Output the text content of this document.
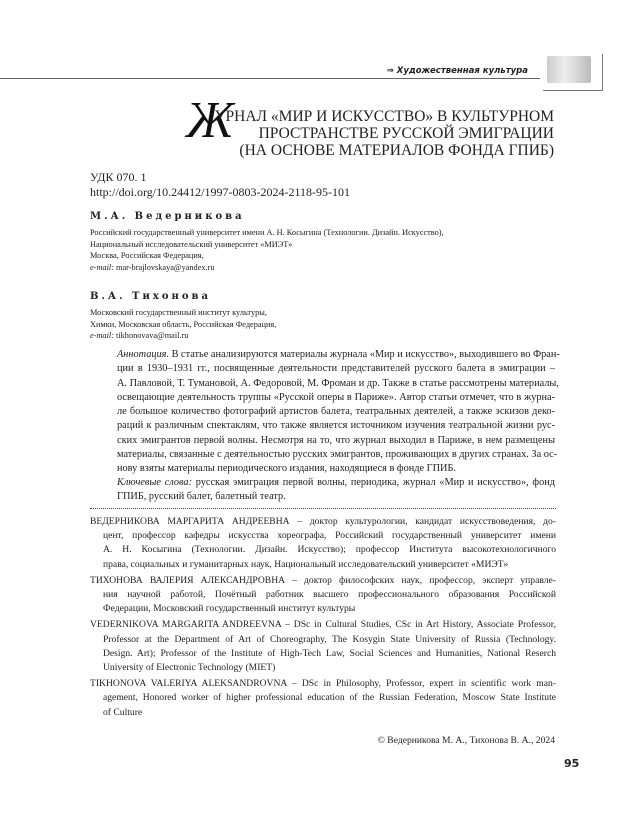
⇒ Художественная культура
Ж
УРНАЛ «МИР И ИСКУССТВО» В КУЛЬТУРНОМ
ПРОСТРАНСТВЕ РУССКОЙ ЭМИГРАЦИИ
(НА ОСНОВЕ МАТЕРИАЛОВ ФОНДА ГПИБ)
УДК 070. 1
http://doi.org/10.24412/1997-0803-2024-2118-95-101
М.А. Ведерникова
Российский государственный университет имени А. Н. Косыгина (Технологии. Дизайн. Искусство),
Национальный исследовательский университет «МИЭТ»
Москва, Российская Федерация,
e-mail: mar-brajlovskaya@yandex.ru
В.А. Тихонова
Московский государственный институт культуры,
Химки, Московская область, Российская Федерация,
e-mail: tikhonovava@mail.ru
Аннотация. В статье анализируются материалы журнала «Мир и искусство», выходившего во Фран-
ции в 1930–1931 гг., посвященные деятельности представителей русского балета в эмиграции –
А. Павловой, Т. Тумановой, А. Федоровой, М. Фроман и др. Также в статье рассмотрены материалы,
освещающие деятельность труппы «Русской оперы в Париже». Автор статьи отмечет, что в журна-
ле большое количество фотографий артистов балета, театральных деятелей, а также эскизов деко-
раций к различным спектаклям, что также является источником изучения театральной жизни рус-
ских эмигрантов первой волны. Несмотря на то, что журнал выходил в Париже, в нем размещены
материалы, связанные с деятельностью русских эмигрантов, проживающих в других странах. За ос-
нову взяты материалы периодического издания, находящиеся в фонде ГПИБ.
Ключевые слова: русская эмиграция первой волны, периодика, журнал «Мир и искусство», фонд
ГПИБ, русский балет, балетный театр.
ВЕДЕРНИКОВА МАРГАРИТА АНДРЕЕВНА – доктор культурологии, кандидат искусствоведения, до-
цент, профессор кафедры искусства хореографа, Российский государственный университет имени
А. Н. Косыгина (Технологии. Дизайн. Искусство); профессор Института высокотехнологичного
права, социальных и гуманитарных наук, Национальный исследовательский университет «МИЭТ»
ТИХОНОВА ВАЛЕРИЯ АЛЕКСАНДРОВНА – доктор философских наук, профессор, эксперт управле-
ния научной работой, Почётный работник высшего профессионального образования Российской
Федерации, Московский государственный институт культуры
VEDERNIKOVA MARGARITA ANDREEVNA – DSc in Cultural Studies, CSc in Art History, Associate Professor,
Professor at the Department of Art of Choreography, The Kosygin State University of Russia (Technology.
Design. Art); Professor of the Institute of High-Tech Law, Social Sciences and Humanities, National Reserch
University of Electronic Technology (MIET)
TIKHONOVA VALERIYA ALEKSANDROVNA – DSc in Philosophy, Professor, expert in scientific work man-
agement, Honored worker of higher professional education of the Russian Federation, Moscow State Institute
of Culture
© Ведерникова М. А., Тихонова В. А., 2024
95
